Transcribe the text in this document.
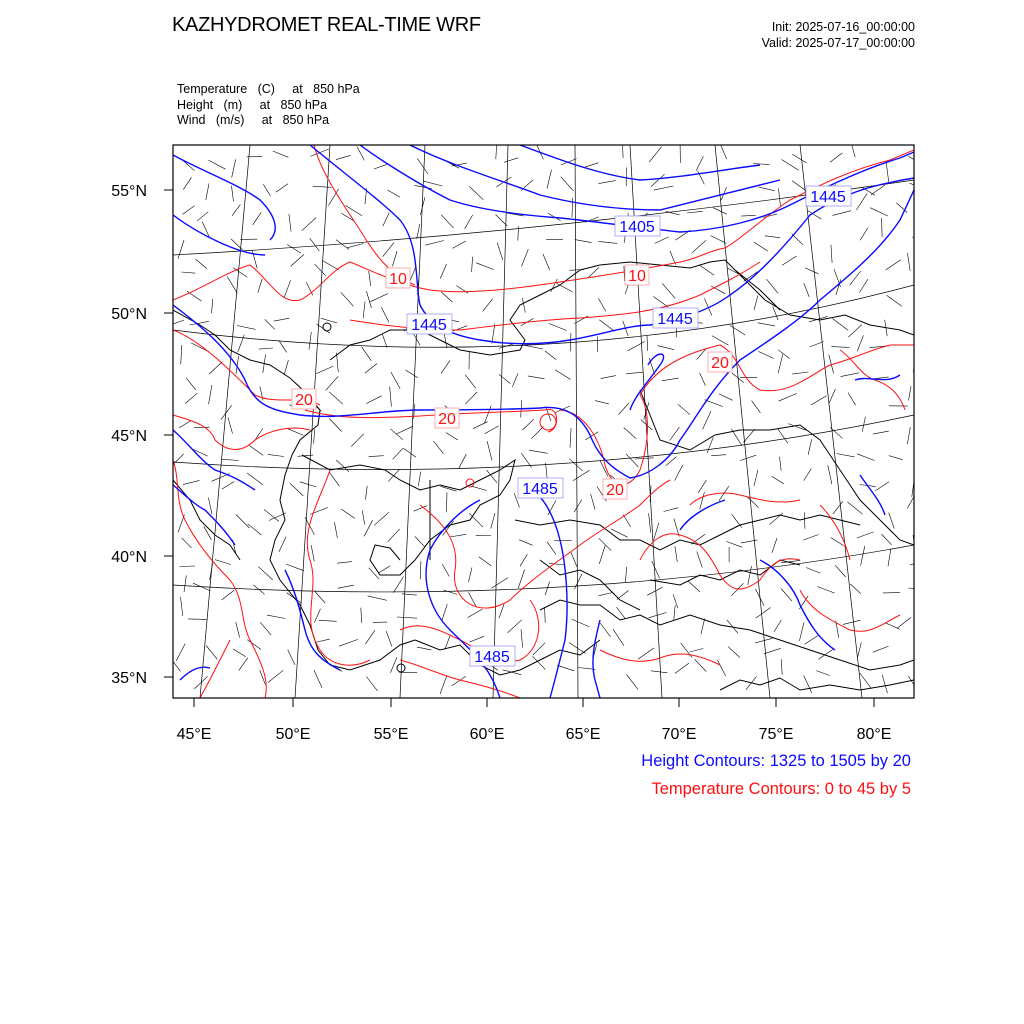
KAZHYDROMET REAL-TIME WRF	Init: 2025-07-16_00:00:00
Valid: 2025-07-17_00:00:00
Temperature   (C)     at   850 hPa
Height   (m)     at   850 hPa
Wind   (m/s)     at   850 hPa
1405
1445
1445	1445
1485
1485
10	10
20
20
20
20
55°N
50°N
45°N
40°N
35°N
45°E	50°E	55°E	60°E	65°E	70°E	75°E	80°E
Height Contours: 1325 to 1505 by 20
Temperature Contours: 0 to 45 by 5
